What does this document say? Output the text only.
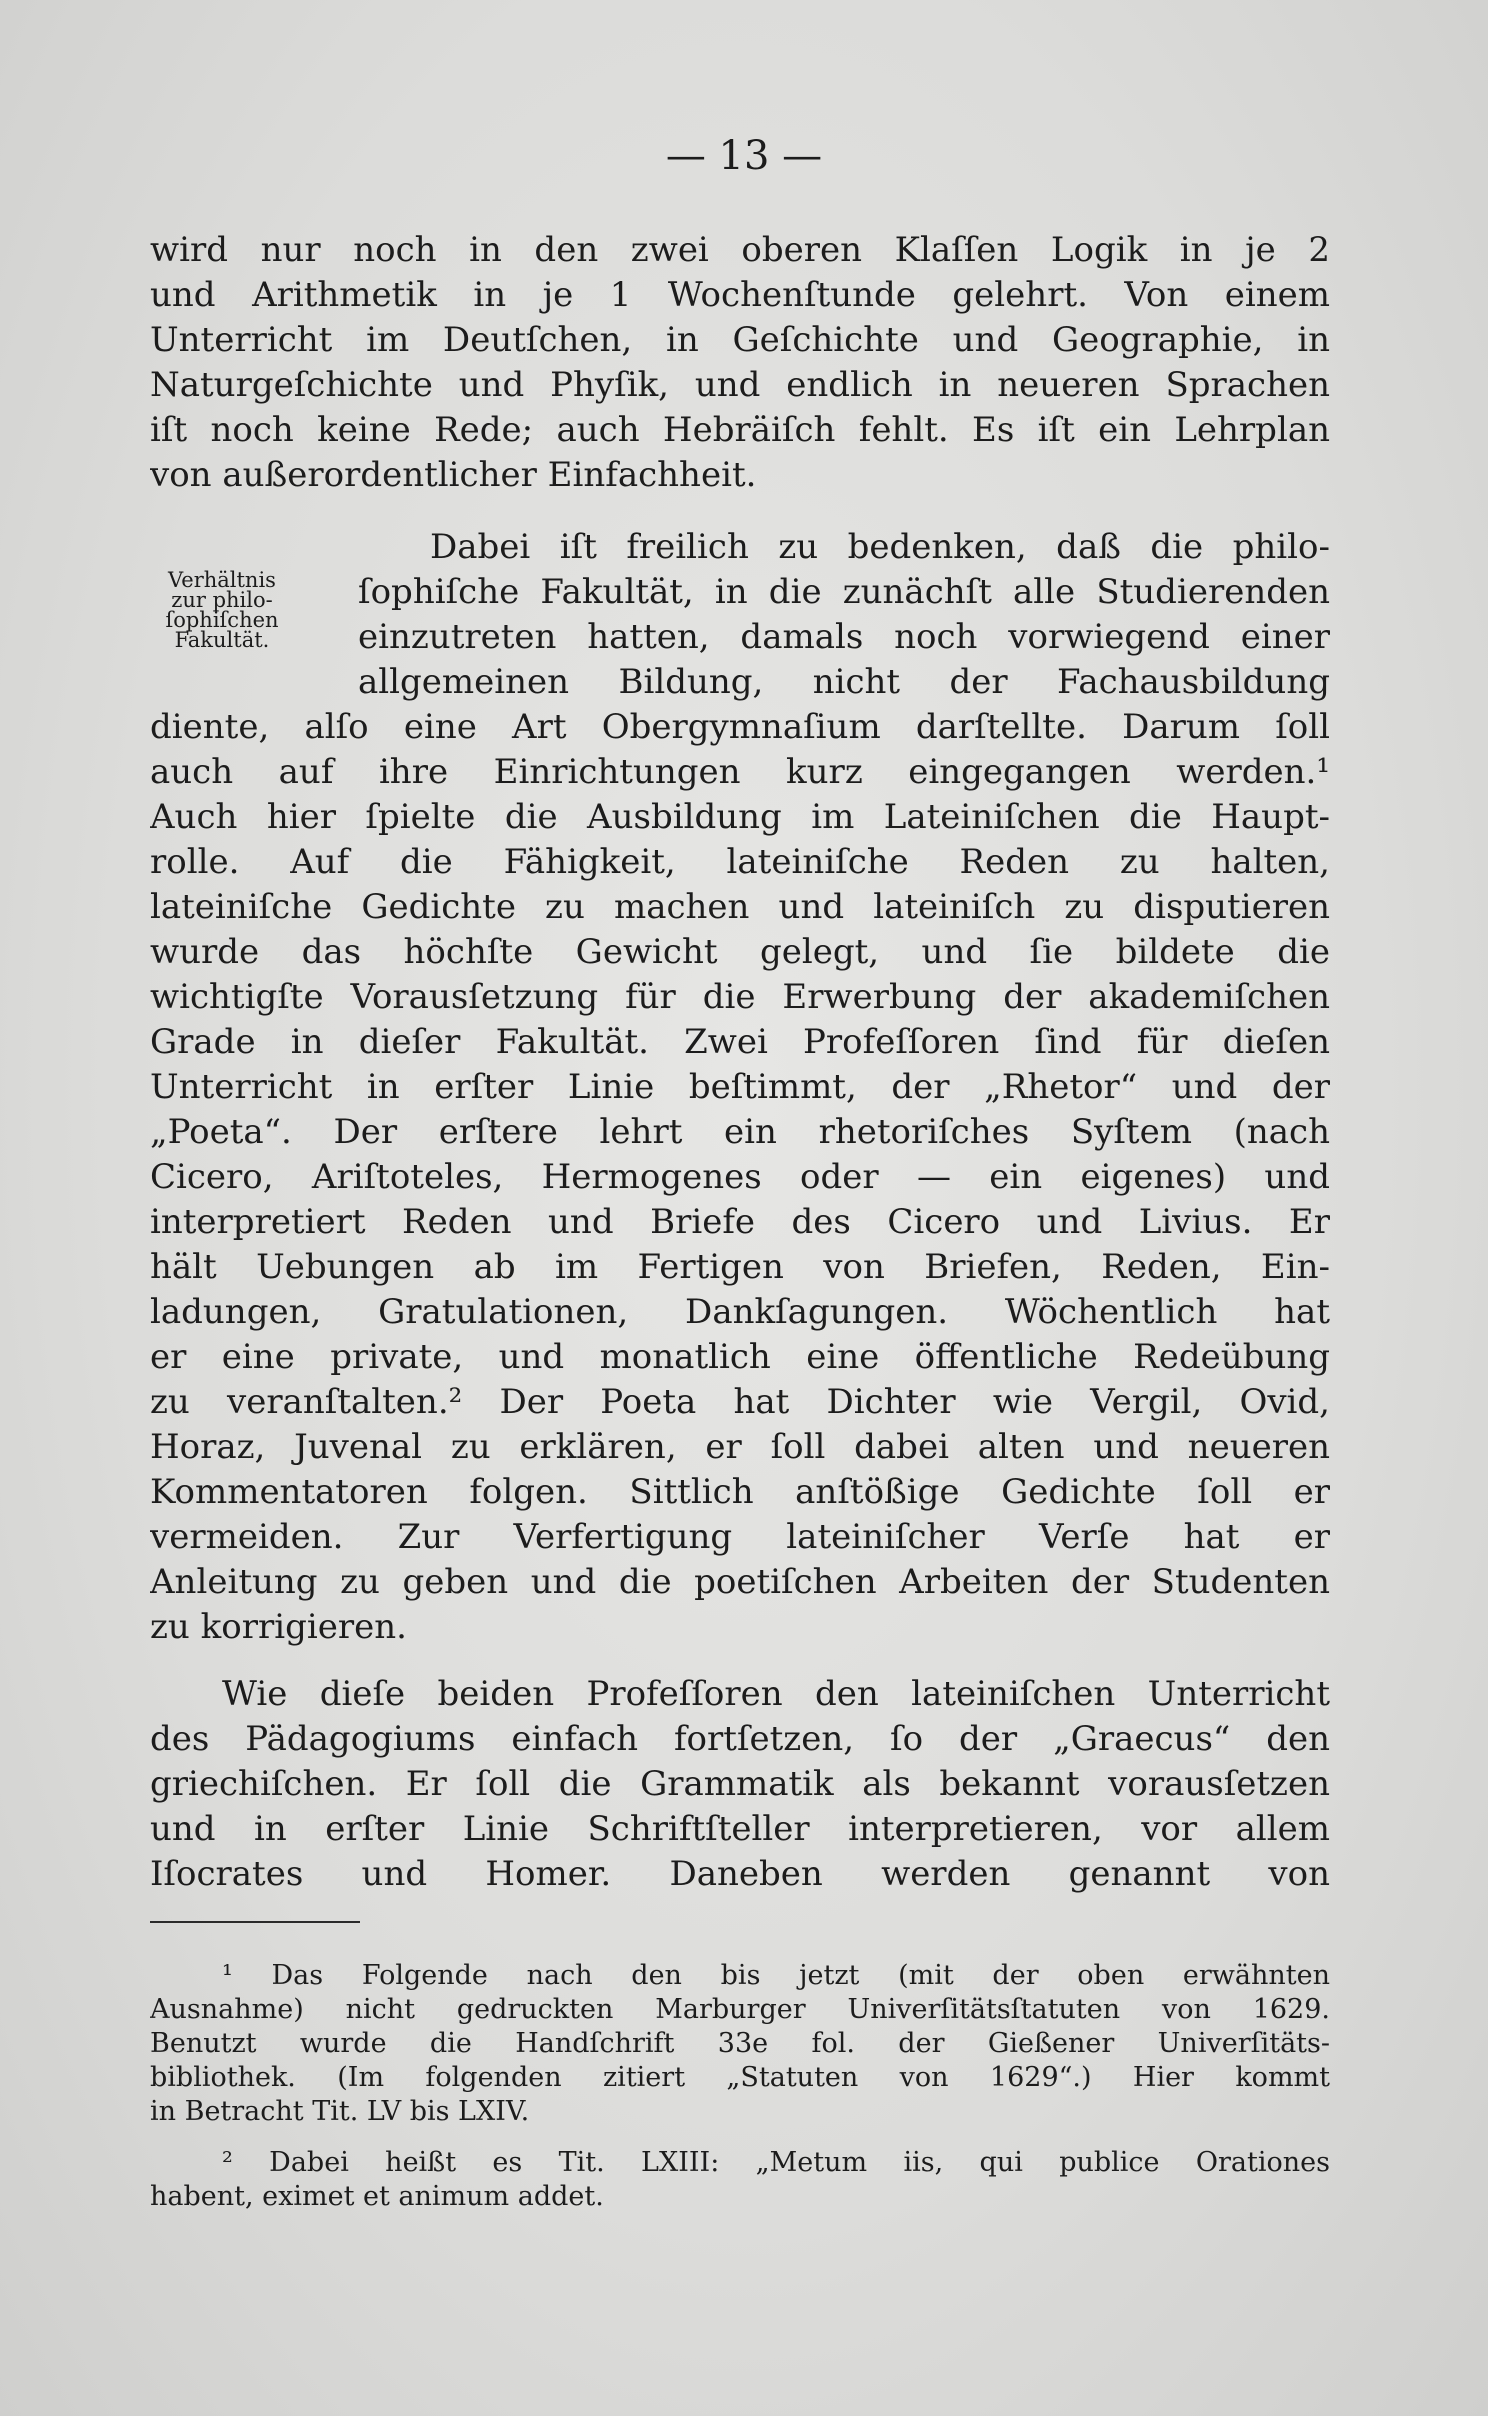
— 13 —
Verhältnis
zur philo-
ſophiſchen
Fakultät.
wird nur noch in den zwei oberen Klaſſen Logik in je 2
und Arithmetik in je 1 Wochenſtunde gelehrt. Von einem
Unterricht im Deutſchen, in Geſchichte und Geographie, in
Naturgeſchichte und Phyſik, und endlich in neueren Sprachen
iſt noch keine Rede; auch Hebräiſch fehlt. Es iſt ein Lehrplan
von außerordentlicher Einfachheit.
Dabei iſt freilich zu bedenken, daß die philo-
ſophiſche Fakultät, in die zunächſt alle Studierenden
einzutreten hatten, damals noch vorwiegend einer
allgemeinen Bildung, nicht der Fachausbildung
diente, alſo eine Art Obergymnaſium darſtellte. Darum ſoll
auch auf ihre Einrichtungen kurz eingegangen werden.¹
Auch hier ſpielte die Ausbildung im Lateiniſchen die Haupt-
rolle. Auf die Fähigkeit, lateiniſche Reden zu halten,
lateiniſche Gedichte zu machen und lateiniſch zu disputieren
wurde das höchſte Gewicht gelegt, und ſie bildete die
wichtigſte Vorausſetzung für die Erwerbung der akademiſchen
Grade in dieſer Fakultät. Zwei Profeſſoren ſind für dieſen
Unterricht in erſter Linie beſtimmt, der „Rhetor“ und der
„Poeta“. Der erſtere lehrt ein rhetoriſches Syſtem (nach
Cicero, Ariſtoteles, Hermogenes oder — ein eigenes) und
interpretiert Reden und Briefe des Cicero und Livius. Er
hält Uebungen ab im Fertigen von Briefen, Reden, Ein-
ladungen, Gratulationen, Dankſagungen. Wöchentlich hat
er eine private, und monatlich eine öffentliche Redeübung
zu veranſtalten.² Der Poeta hat Dichter wie Vergil, Ovid,
Horaz, Juvenal zu erklären, er ſoll dabei alten und neueren
Kommentatoren folgen. Sittlich anſtößige Gedichte ſoll er
vermeiden. Zur Verfertigung lateiniſcher Verſe hat er
Anleitung zu geben und die poetiſchen Arbeiten der Studenten
zu korrigieren.
Wie dieſe beiden Profeſſoren den lateiniſchen Unterricht
des Pädagogiums einfach fortſetzen, ſo der „Graecus“ den
griechiſchen. Er ſoll die Grammatik als bekannt vorausſetzen
und in erſter Linie Schriftſteller interpretieren, vor allem
Iſocrates und Homer. Daneben werden genannt von
¹ Das Folgende nach den bis jetzt (mit der oben erwähnten
Ausnahme) nicht gedruckten Marburger Univerſitätsſtatuten von 1629.
Benutzt wurde die Handſchrift 33e fol. der Gießener Univerſitäts-
bibliothek. (Im folgenden zitiert „Statuten von 1629“.) Hier kommt
in Betracht Tit. LV bis LXIV.
² Dabei heißt es Tit. LXIII: „Metum iis, qui publice Orationes
habent, eximet et animum addet.
